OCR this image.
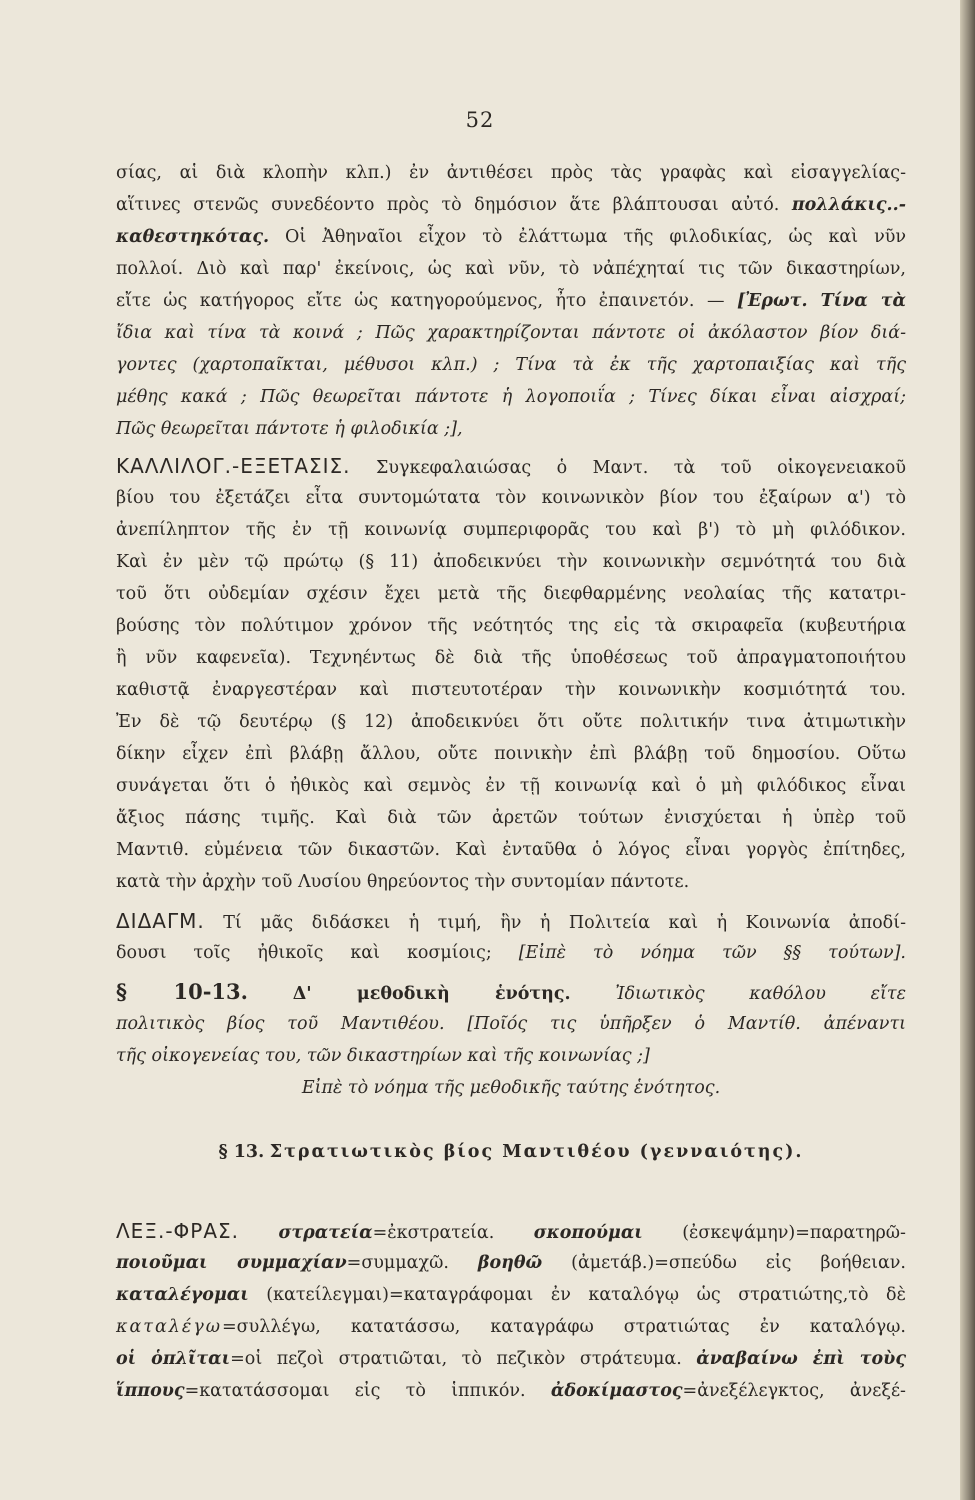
52
σίας, αἱ διὰ κλοπὴν κλπ.) ἐν ἀντιθέσει πρὸς τὰς γραφὰς καὶ εἰσαγγελίας-
αἵτινες στενῶς συνεδέοντο πρὸς τὸ δημόσιον ἅτε βλάπτουσαι αὐτό. πολλάκις..-
καθεστηκότας. Οἱ Ἀθηναῖοι εἶχον τὸ ἐλάττωμα τῆς φιλοδικίας, ὡς καὶ νῦν
πολλοί. Διὸ καὶ παρ' ἐκείνοις, ὡς καὶ νῦν, τὸ νἀπέχηταί τις τῶν δικαστηρίων,
εἴτε ὡς κατήγορος εἴτε ὡς κατηγορούμενος, ἦτο ἐπαινετόν. — [Ἐρωτ. Τίνα τὰ
ἴδια καὶ τίνα τὰ κοινά ; Πῶς χαρακτηρίζονται πάντοτε οἱ ἀκόλαστον βίον διά-
γοντες (χαρτοπαῖκται, μέθυσοι κλπ.) ; Τίνα τὰ ἐκ τῆς χαρτοπαιξίας καὶ τῆς
μέθης κακά ; Πῶς θεωρεῖται πάντοτε ἡ λογοποιΐα ; Τίνες δίκαι εἶναι αἰσχραί;
Πῶς θεωρεῖται πάντοτε ἡ φιλοδικία ;],
ΚΑΛΛΙΛΟΓ.-ΕΞΕΤΑΣΙΣ. Συγκεφαλαιώσας ὁ Μαντ. τὰ τοῦ οἰκογενειακοῦ
βίου του ἐξετάζει εἶτα συντομώτατα τὸν κοινωνικὸν βίον του ἐξαίρων α') τὸ
ἀνεπίληπτον τῆς ἐν τῇ κοινωνίᾳ συμπεριφορᾶς του καὶ β') τὸ μὴ φιλόδικον.
Καὶ ἐν μὲν τῷ πρώτῳ (§ 11) ἀποδεικνύει τὴν κοινωνικὴν σεμνότητά του διὰ
τοῦ ὅτι οὐδεμίαν σχέσιν ἔχει μετὰ τῆς διεφθαρμένης νεολαίας τῆς κατατρι-
βούσης τὸν πολύτιμον χρόνον τῆς νεότητός της εἰς τὰ σκιραφεῖα (κυβευτήρια
ἢ νῦν καφενεῖα). Τεχνηέντως δὲ διὰ τῆς ὑποθέσεως τοῦ ἀπραγματοποιήτου
καθιστᾷ ἐναργεστέραν καὶ πιστευτοτέραν τὴν κοινωνικὴν κοσμιότητά του.
Ἐν δὲ τῷ δευτέρῳ (§ 12) ἀποδεικνύει ὅτι οὔτε πολιτικήν τινα ἀτιμωτικὴν
δίκην εἶχεν ἐπὶ βλάβῃ ἄλλου, οὔτε ποινικὴν ἐπὶ βλάβῃ τοῦ δημοσίου. Οὕτω
συνάγεται ὅτι ὁ ἠθικὸς καὶ σεμνὸς ἐν τῇ κοινωνίᾳ καὶ ὁ μὴ φιλόδικος εἶναι
ἄξιος πάσης τιμῆς. Καὶ διὰ τῶν ἀρετῶν τούτων ἐνισχύεται ἡ ὑπὲρ τοῦ
Μαντιθ. εὐμένεια τῶν δικαστῶν. Καὶ ἐνταῦθα ὁ λόγος εἶναι γοργὸς ἐπίτηδες,
κατὰ τὴν ἀρχὴν τοῦ Λυσίου θηρεύοντος τὴν συντομίαν πάντοτε.
ΔΙΔΑΓΜ. Τί μᾶς διδάσκει ἡ τιμή, ἣν ἡ Πολιτεία καὶ ἡ Κοινωνία ἀποδί-
δουσι τοῖς ἠθικοῖς καὶ κοσμίοις; [Εἰπὲ τὸ νόημα τῶν §§ τούτων].
§ 10-13.	Δ' μεθοδικὴ ἑνότης.	Ἰδιωτικὸς καθόλου εἴτε
πολιτικὸς βίος τοῦ Μαντιθέου. [Ποῖός τις ὑπῆρξεν ὁ Μαντίθ. ἀπέναντι
τῆς οἰκογενείας του, τῶν δικαστηρίων καὶ τῆς κοινωνίας ;]
Εἰπὲ τὸ νόημα τῆς μεθοδικῆς ταύτης ἑνότητος.
§ 13. Στρατιωτικὸς βίος Μαντιθέου (γενναιότης).
ΛΕΞ.-ΦΡΑΣ. στρατεία=ἐκστρατεία. σκοπούμαι (ἐσκεψάμην)=παρατηρῶ-
ποιοῦμαι συμμαχίαν=συμμαχῶ. βοηθῶ (ἀμετάβ.)=σπεύδω εἰς βοήθειαν.
καταλέγομαι (κατείλεγμαι)=καταγράφομαι ἐν καταλόγῳ ὡς στρατιώτης,τὸ δὲ
καταλέγω=συλλέγω, κατατάσσω, καταγράφω στρατιώτας ἐν καταλόγῳ.
οἱ ὁπλῖται=οἱ πεζοὶ στρατιῶται, τὸ πεζικὸν στράτευμα. ἀναβαίνω ἐπὶ τοὺς
ἵππους=κατατάσσομαι εἰς τὸ ἱππικόν. ἀδοκίμαστος=ἀνεξέλεγκτος, ἀνεξέ-
